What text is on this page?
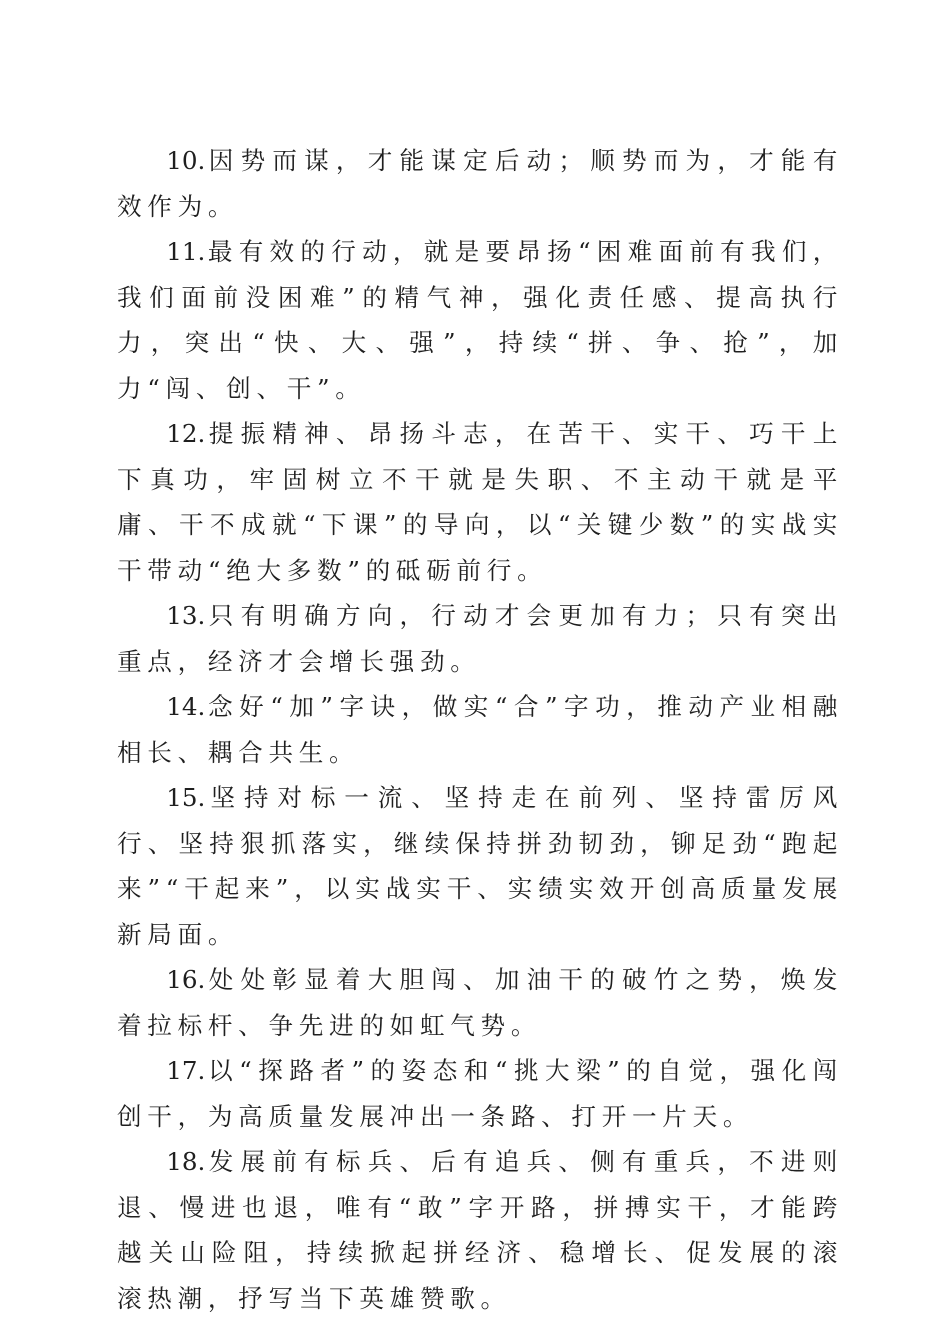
10.因势而谋，才能谋定后动；顺势而为，才能有效作为。

11.最有效的行动，就是要昂扬“困难面前有我们，我们面前没困难”的精气神，强化责任感、提高执行力，突出“快、大、强”，持续“拼、争、抢”，加力“闯、创、干”。

12.提振精神、昂扬斗志，在苦干、实干、巧干上下真功，牢固树立不干就是失职、不主动干就是平庸、干不成就“下课”的导向，以“关键少数”的实战实干带动“绝大多数”的砥砺前行。

13.只有明确方向，行动才会更加有力；只有突出重点，经济才会增长强劲。

14.念好“加”字诀，做实“合”字功，推动产业相融相长、耦合共生。

15.坚持对标一流、坚持走在前列、坚持雷厉风行、坚持狠抓落实，继续保持拼劲韧劲，铆足劲“跑起来”“干起来”，以实战实干、实绩实效开创高质量发展新局面。

16.处处彰显着大胆闯、加油干的破竹之势，焕发着拉标杆、争先进的如虹气势。

17.以“探路者”的姿态和“挑大梁”的自觉，强化闯创干，为高质量发展冲出一条路、打开一片天。

18.发展前有标兵、后有追兵、侧有重兵，不进则退、慢进也退，唯有“敢”字开路，拼搏实干，才能跨越关山险阻，持续掀起拼经济、稳增长、促发展的滚滚热潮，抒写当下英雄赞歌。
